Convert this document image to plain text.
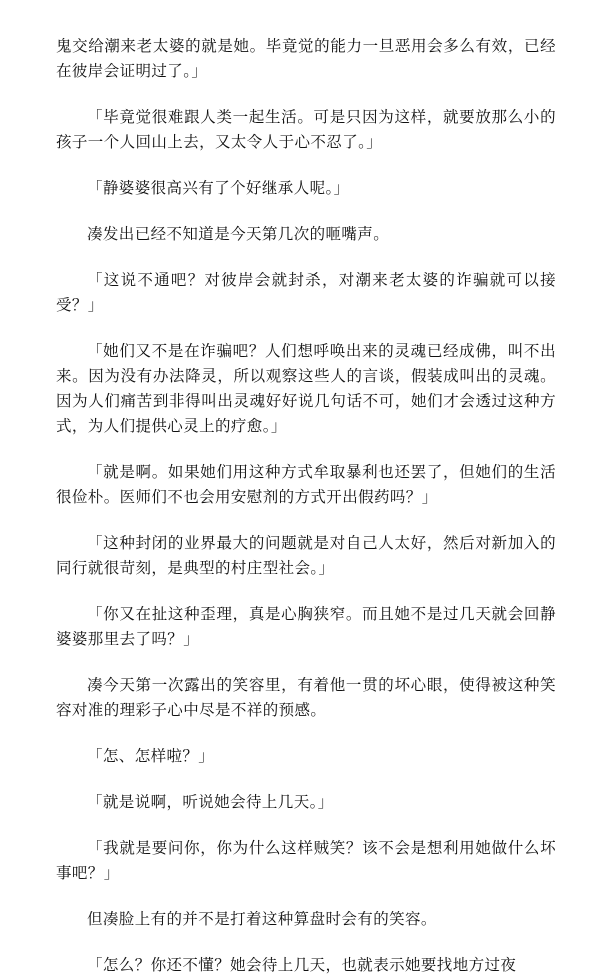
鬼交给潮来老太婆的就是她。毕竟觉的能力一旦恶用会多么有效，已经在彼岸会证明过了。」

「毕竟觉很难跟人类一起生活。可是只因为这样，就要放那么小的孩子一个人回山上去，又太令人于心不忍了。」

「静婆婆很高兴有了个好继承人呢。」

凑发出已经不知道是今天第几次的咂嘴声。

「这说不通吧？对彼岸会就封杀，对潮来老太婆的诈骗就可以接受？」

「她们又不是在诈骗吧？人们想呼唤出来的灵魂已经成佛，叫不出来。因为没有办法降灵，所以观察这些人的言谈，假装成叫出的灵魂。因为人们痛苦到非得叫出灵魂好好说几句话不可，她们才会透过这种方式，为人们提供心灵上的疗愈。」

「就是啊。如果她们用这种方式牟取暴利也还罢了，但她们的生活很俭朴。医师们不也会用安慰剂的方式开出假药吗？」

「这种封闭的业界最大的问题就是对自己人太好，然后对新加入的同行就很苛刻，是典型的村庄型社会。」

「你又在扯这种歪理，真是心胸狭窄。而且她不是过几天就会回静婆婆那里去了吗？」

凑今天第一次露出的笑容里，有着他一贯的坏心眼，使得被这种笑容对准的理彩子心中尽是不祥的预感。

「怎、怎样啦？」

「就是说啊，听说她会待上几天。」

「我就是要问你，你为什么这样贼笑？该不会是想利用她做什么坏事吧？」

但凑脸上有的并不是打着这种算盘时会有的笑容。

「怎么？你还不懂？她会待上几天，也就表示她要找地方过夜
